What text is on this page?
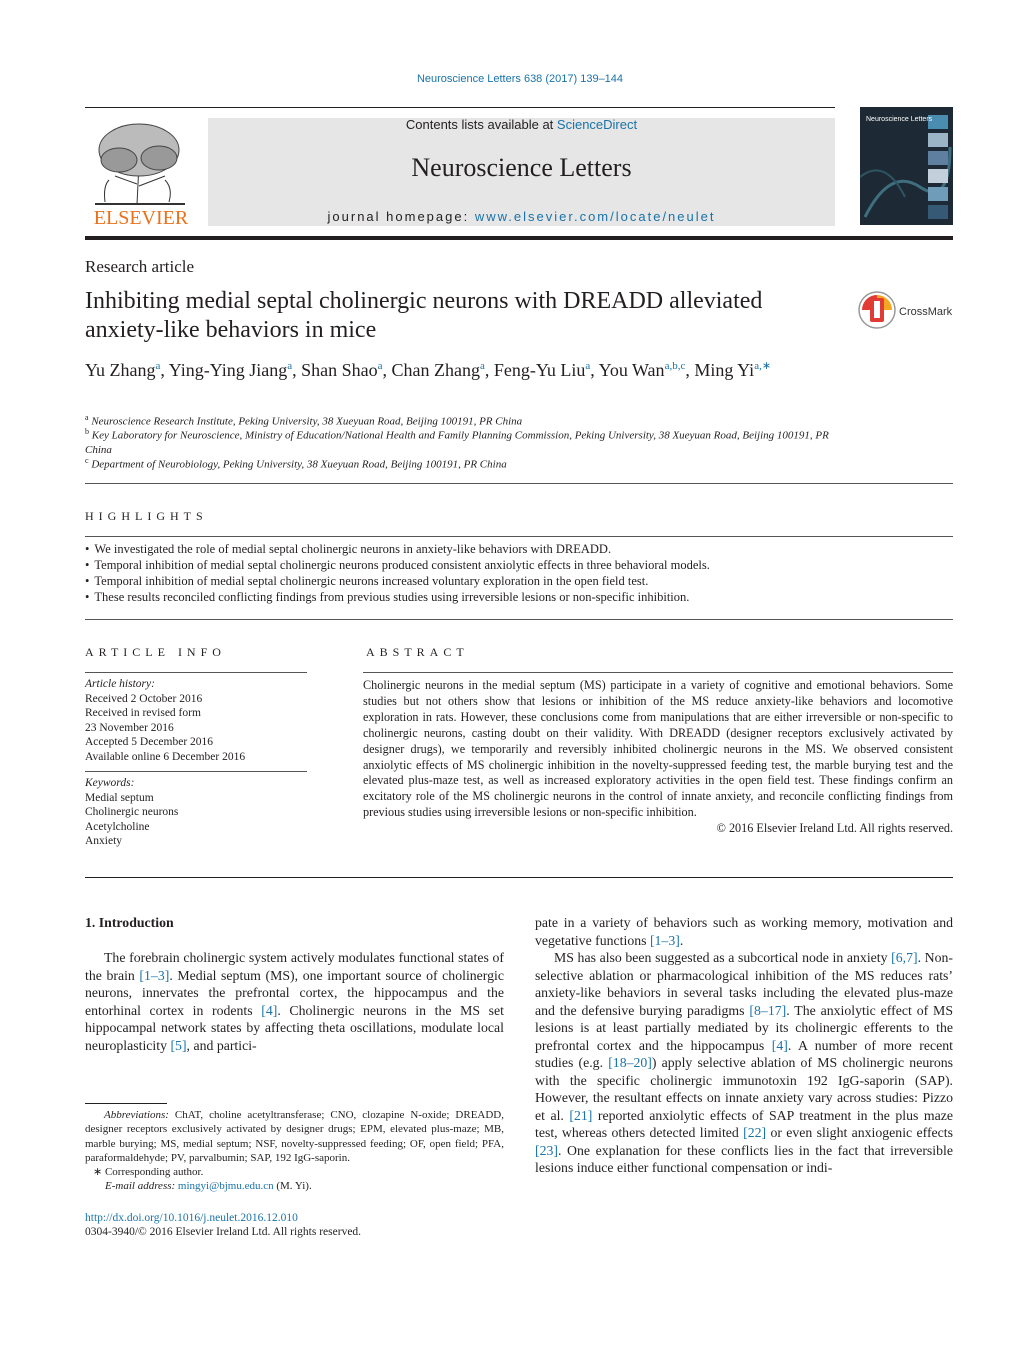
Neuroscience Letters 638 (2017) 139–144
ELSEVIER
Contents lists available at ScienceDirect
Neuroscience Letters
journal homepage: www.elsevier.com/locate/neulet
Neuroscience Letters
Research article
Inhibiting medial septal cholinergic neurons with DREADD alleviated anxiety-like behaviors in mice
CrossMark
Yu Zhang$^a$, Ying-Ying Jiang$^a$, Shan Shao$^a$, Chan Zhang$^a$, Feng-Yu Liu$^a$, You Wan$^{a,b,c}$, Ming $Yi^{a,∗}$
$^a$ Neuroscience Research Institute, Peking University, 38 Xueyuan Road, Beijing 100191, PR China
$^b$ Key Laboratory for Neuroscience, Ministry of Education/National Health and Family Planning Commission, Peking University, 38 Xueyuan Road, Beijing 100191, PR China
$^c$ Department of Neurobiology, Peking University, 38 Xueyuan Road, Beijing 100191, PR China
HIGHLIGHTS
• We investigated the role of medial septal cholinergic neurons in anxiety-like behaviors with DREADD.
• Temporal inhibition of medial septal cholinergic neurons produced consistent anxiolytic effects in three behavioral models.
• Temporal inhibition of medial septal cholinergic neurons increased voluntary exploration in the open field test.
• These results reconciled conflicting findings from previous studies using irreversible lesions or non-specific inhibition.
ARTICLE INFO
Article history:
Received 2 October 2016
Received in revised form
23 November 2016
Accepted 5 December 2016
Available online 6 December 2016
Keywords:
Medial septum
Cholinergic neurons
Acetylcholine
Anxiety
ABSTRACT
Cholinergic neurons in the medial septum (MS) participate in a variety of cognitive and emotional behaviors. Some studies but not others show that lesions or inhibition of the MS reduce anxiety-like behaviors and locomotive exploration in rats. However, these conclusions come from manipulations that are either irreversible or non-specific to cholinergic neurons, casting doubt on their validity. With DREADD (designer receptors exclusively activated by designer drugs), we temporarily and reversibly inhibited cholinergic neurons in the MS. We observed consistent anxiolytic effects of MS cholinergic inhibition in the novelty-suppressed feeding test, the marble burying test and the elevated plus-maze test, as well as increased exploratory activities in the open field test. These findings confirm an excitatory role of the MS cholinergic neurons in the control of innate anxiety, and reconcile conflicting findings from previous studies using irreversible lesions or non-specific inhibition.
© 2016 Elsevier Ireland Ltd. All rights reserved.
1. Introduction

The forebrain cholinergic system actively modulates functional states of the brain [1–3]. Medial septum (MS), one important source of cholinergic neurons, innervates the prefrontal cortex, the hippocampus and the entorhinal cortex in rodents [4]. Cholinergic neurons in the MS set hippocampal network states by affecting theta oscillations, modulate local neuroplasticity [5], and partici-

pate in a variety of behaviors such as working memory, motivation and vegetative functions [1–3].

MS has also been suggested as a subcortical node in anxiety [6,7]. Non-selective ablation or pharmacological inhibition of the MS reduces rats’ anxiety-like behaviors in several tasks including the elevated plus-maze and the defensive burying paradigms [8–17]. The anxiolytic effect of MS lesions is at least partially mediated by its cholinergic efferents to the prefrontal cortex and the hippocampus [4]. A number of more recent studies (e.g. [18–20]) apply selective ablation of MS cholinergic neurons with the specific cholinergic immunotoxin 192 IgG-saporin (SAP). However, the resultant effects on innate anxiety vary across studies: Pizzo et al. [21] reported anxiolytic effects of SAP treatment in the plus maze test, whereas others detected limited [22] or even slight anxiogenic effects [23]. One explanation for these conflicts lies in the fact that irreversible lesions induce either functional compensation or indi-

Abbreviations: ChAT, choline acetyltransferase; CNO, clozapine N-oxide; DREADD, designer receptors exclusively activated by designer drugs; EPM, elevated plus-maze; MB, marble burying; MS, medial septum; NSF, novelty-suppressed feeding; OF, open field; PFA, paraformaldehyde; PV, parvalbumin; SAP, 192 IgG-saporin.
∗ Corresponding author.
E-mail address: mingyi@bjmu.edu.cn (M. Yi).
http://dx.doi.org/10.1016/j.neulet.2016.12.010
0304-3940/© 2016 Elsevier Ireland Ltd. All rights reserved.
